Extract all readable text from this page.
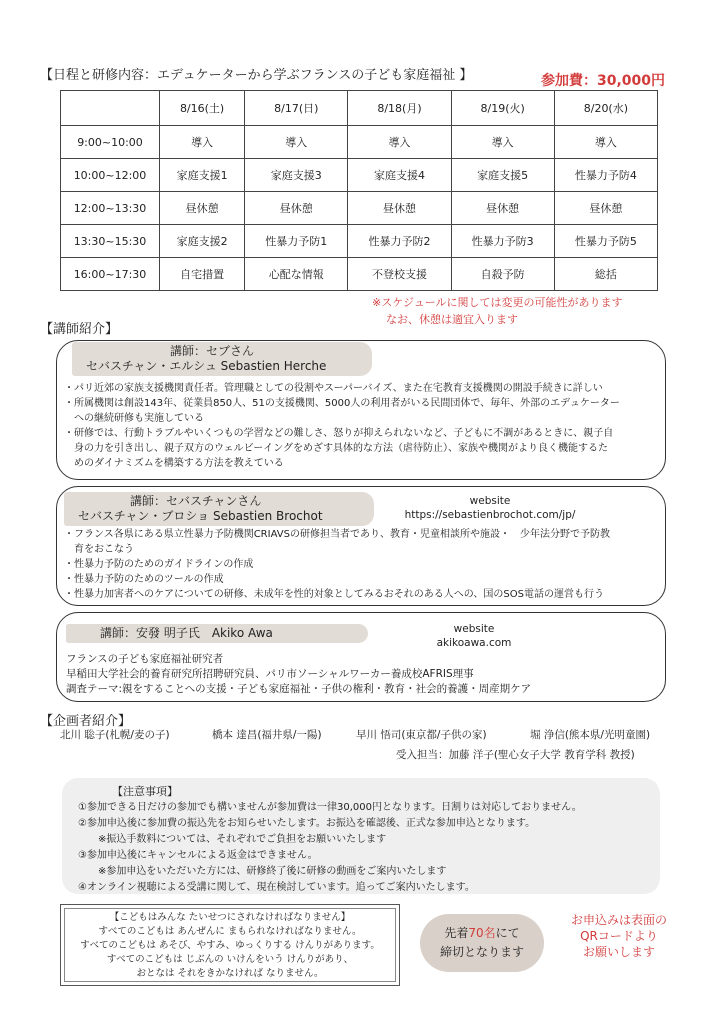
【日程と研修内容：エデュケーターから学ぶフランスの子ども家庭福祉 】	参加費：30,000円
	8/16(土)	8/17(日)	8/18(月)	8/19(火)	8/20(水)
9:00~10:00	導入	導入	導入	導入	導入
10:00~12:00	家庭支援1	家庭支援3	家庭支援4	家庭支援5	性暴力予防4
12:00~13:30	昼休憩	昼休憩	昼休憩	昼休憩	昼休憩
13:30~15:30	家庭支援2	性暴力予防1	性暴力予防2	性暴力予防3	性暴力予防5
16:00~17:30	自宅措置	心配な情報	不登校支援	自殺予防	総括
※スケジュールに関しては変更の可能性があります
なお、休憩は適宜入ります
【講師紹介】
講師：セブさん
セバスチャン・エルシュ Sebastien Herche
・パリ近郊の家族支援機関責任者。管理職としての役割やスーパーバイズ、また在宅教育支援機関の開設手続きに詳しい
・所属機関は創設143年、従業員850人、51の支援機関、5000人の利用者がいる民間団体で、毎年、外部のエデュケーター
　への継続研修も実施している
・研修では、行動トラブルやいくつもの学習などの難しさ、怒りが抑えられないなど、子どもに不調があるときに、親子自
　身の力を引き出し、親子双方のウェルビーイングをめざす具体的な方法（虐待防止）、家族や機関がより良く機能するた
　めのダイナミズムを構築する方法を教えている
講師：セバスチャンさん
セバスチャン・ブロショ Sebastien Brochot
website
https://sebastienbrochot.com/jp/
・フランス各県にある県立性暴力予防機関CRIAVSの研修担当者であり、教育・児童相談所や施設・　少年法分野で予防教
　育をおこなう
・性暴力予防のためのガイドラインの作成
・性暴力予防のためのツールの作成
・性暴力加害者へのケアについての研修、未成年を性的対象としてみるおそれのある人への、国のSOS電話の運営も行う
講師：安發 明子氏　Akiko Awa	website
akikoawa.com
フランスの子ども家庭福祉研究者
早稲田大学社会的養育研究所招聘研究員、パリ市ソーシャルワーカー養成校AFRIS理事
調査テーマ:親をすることへの支援・子ども家庭福祉・子供の権利・教育・社会的養護・周産期ケア
【企画者紹介】
北川 聡子(札幌/麦の子)	橋本 達昌(福井県/一陽)	早川 悟司(東京都/子供の家)	堀 浄信(熊本県/光明童園)
受入担当：加藤 洋子(聖心女子大学 教育学科 教授)
【注意事項】
①参加できる日だけの参加でも構いませんが参加費は一律30,000円となります。日割りは対応しておりません。
②参加申込後に参加費の振込先をお知らせいたします。お振込を確認後、正式な参加申込となります。
　　※振込手数料については、それぞれでご負担をお願いいたします
③参加申込後にキャンセルによる返金はできません。
　　※参加申込をいただいた方には、研修終了後に研修の動画をご案内いたします
④オンライン視聴による受講に関して、現在検討しています。追ってご案内いたします。
【こどもはみんな たいせつにされなければなりません】
すべてのこどもは あんぜんに まもられなければなりません。
すべてのこどもは あそび、やすみ、ゆっくりする けんりがあります。
すべてのこどもは じぶんの いけんをいう けんりがあり、
おとなは それをきかなければ なりません。
先着70名にて
締切となります
お申込みは表面の
QRコードより
お願いします
